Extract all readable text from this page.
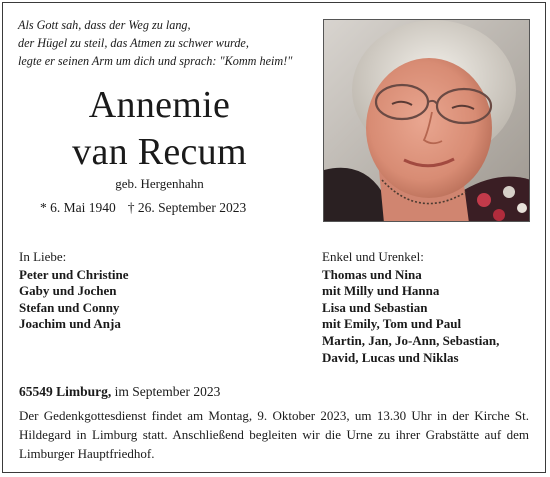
Als Gott sah, dass der Weg zu lang,
der Hügel zu steil, das Atmen zu schwer wurde,
legte er seinen Arm um dich und sprach: "Komm heim!"
Annemie
van Recum
geb. Hergenhahn
* 6. Mai 1940 † 26. September 2023
In Liebe:
Peter und Christine
Gaby und Jochen
Stefan und Conny
Joachim und Anja
Enkel und Urenkel:
Thomas und Nina
mit Milly und Hanna
Lisa und Sebastian
mit Emily, Tom und Paul
Martin, Jan, Jo-Ann, Sebastian,
David, Lucas und Niklas
65549 Limburg, im September 2023
Der Gedenkgottesdienst findet am Montag, 9. Oktober 2023, um 13.30 Uhr in der Kirche St. Hildegard in Limburg statt. Anschließend begleiten wir die Urne zu ihrer Grabstätte auf dem Limburger Hauptfriedhof.
